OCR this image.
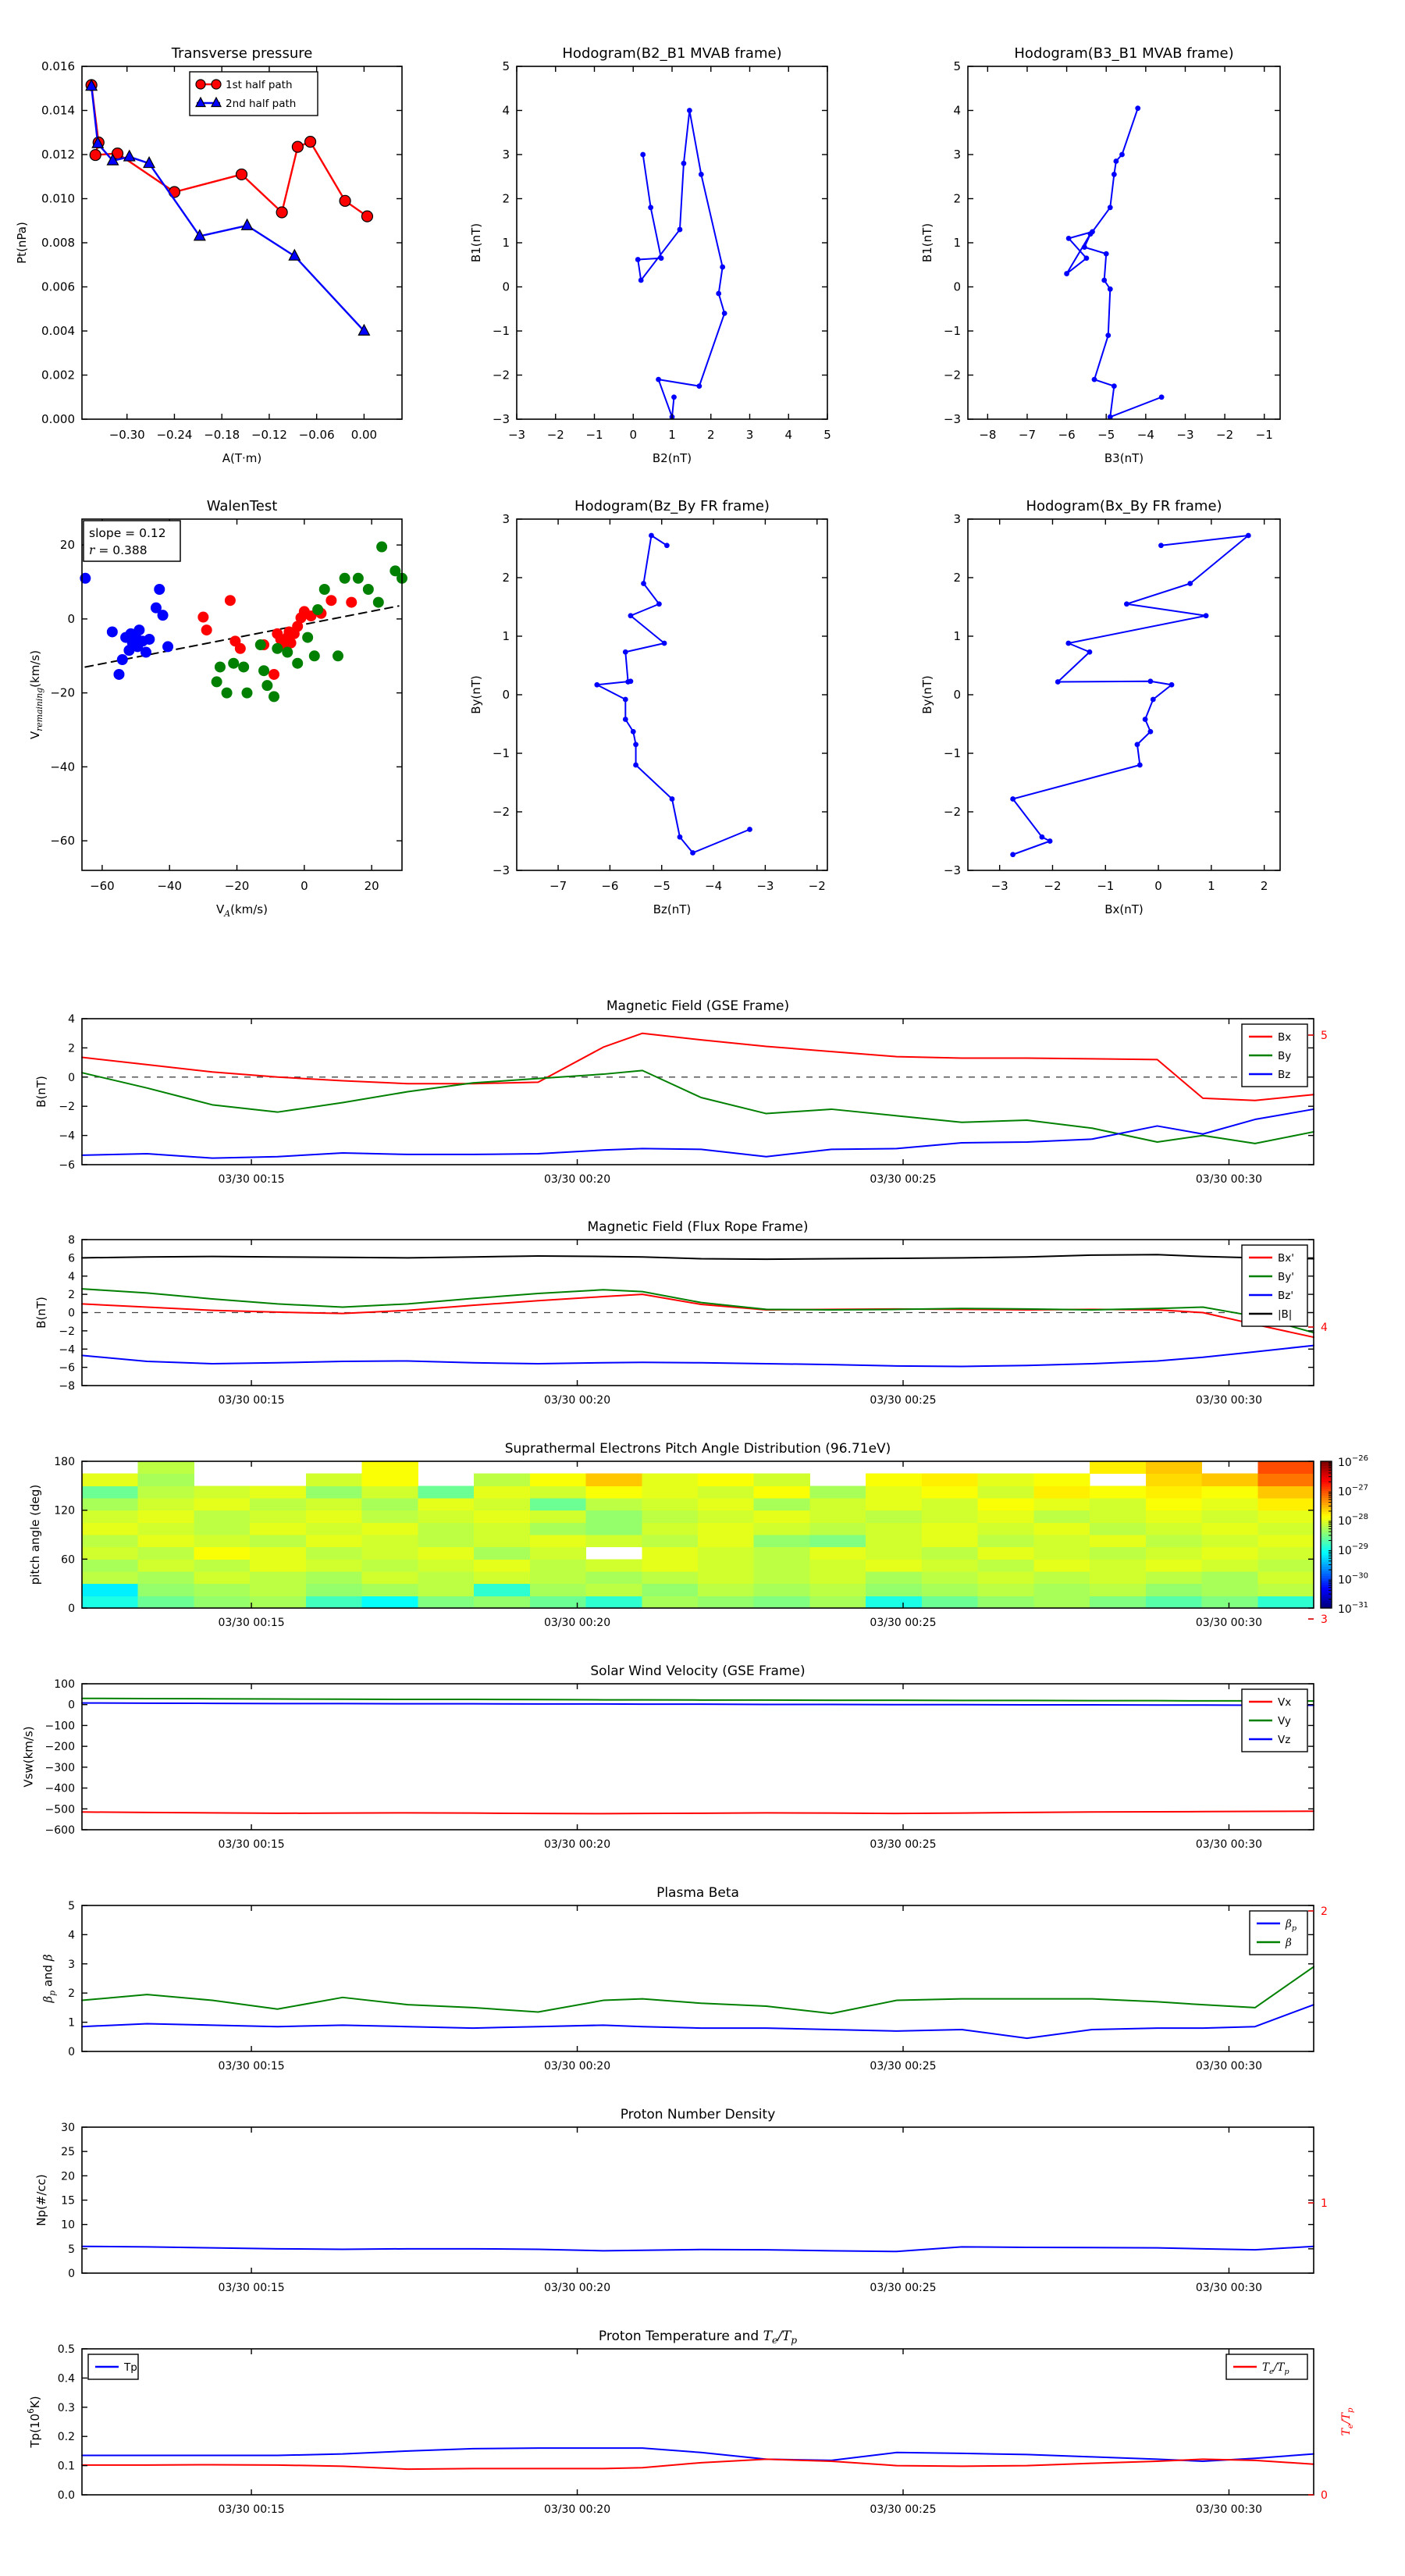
−0.30 −0.24 −0.18 −0.12 −0.06 0.00
0.000
0.002
0.004
0.006
0.008
0.010
0.012
0.014
0.016
Transverse pressure
Pt(nPa)
A(T·m)
1st half path
2nd half path
−3 −2 −1 0	1	2	3	4	5
−3
−2
−1
0
1
2
3
4
5
Hodogram(B2_B1 MVAB frame)
B1(nT)
B2(nT)
−8 −7 −6 −5 −4 −3 −2 −1
−3
−2
−1
0
1
2
3
4
5
Hodogram(B3_B1 MVAB frame)
B1(nT)
B3(nT)
−60	−40	−20	0	20
−60
−40
−20
0
20
WalenTest
$V_{remaining}(km/s)$
$V_A(km/s)$
slope = 0.12
r = 0.388
−7	−6	−5	−4	−3	−2
−3
−2
−1
0
1
2
3
Hodogram(Bz_By FR frame)
By(nT)
Bz(nT)
−3	−2	−1	0	1	2
−3
−2
−1
0
1
2
3
Hodogram(Bx_By FR frame)
By(nT)
Bx(nT)
03/30 00:15	03/30 00:20	03/30 00:25	03/30 00:30
−6
−4
−2
0
2
4
Magnetic Field (GSE Frame)
B(nT)
Bx
By
Bz
03/30 00:15	03/30 00:20	03/30 00:25	03/30 00:30
−8
−6
−4
−2
0
2
4
6
8
Magnetic Field (Flux Rope Frame)
B(nT)
Bx'
By'
Bz'
|B|
03/30 00:15	03/30 00:20	03/30 00:25	03/30 00:30
0
60
120
180
Suprathermal Electrons Pitch Angle Distribution (96.71eV)
pitch angle (deg)
$10^{-26}$
$10^{-27}$
$10^{-28}$
$10^{-29}$
$10^{-30}$
$10^{-31}$
03/30 00:15	03/30 00:20	03/30 00:25	03/30 00:30
−600
−500
−400
−300
−200
−100
0
100
Solar Wind Velocity (GSE Frame)
Vsw(km/s)
Vx
Vy
Vz
03/30 00:15	03/30 00:20	03/30 00:25	03/30 00:30
0
1
2
3
4
5
Plasma Beta
$\beta_p$ and β
$\beta_p$
β
03/30 00:15	03/30 00:20	03/30 00:25	03/30 00:30
0
5
10
15
20
25
30
Proton Number Density
Np(#/cc)
03/30 00:15	03/30 00:20	03/30 00:25	03/30 00:30
0.0
0.1
0.2
0.3
0.4
0.5
0
1
2
3
4
5
Proton Temperature and $T_e/T_p$
$Tp(10^6K)$
$T_e/T_p$
Tp	$T_e/T_p$
